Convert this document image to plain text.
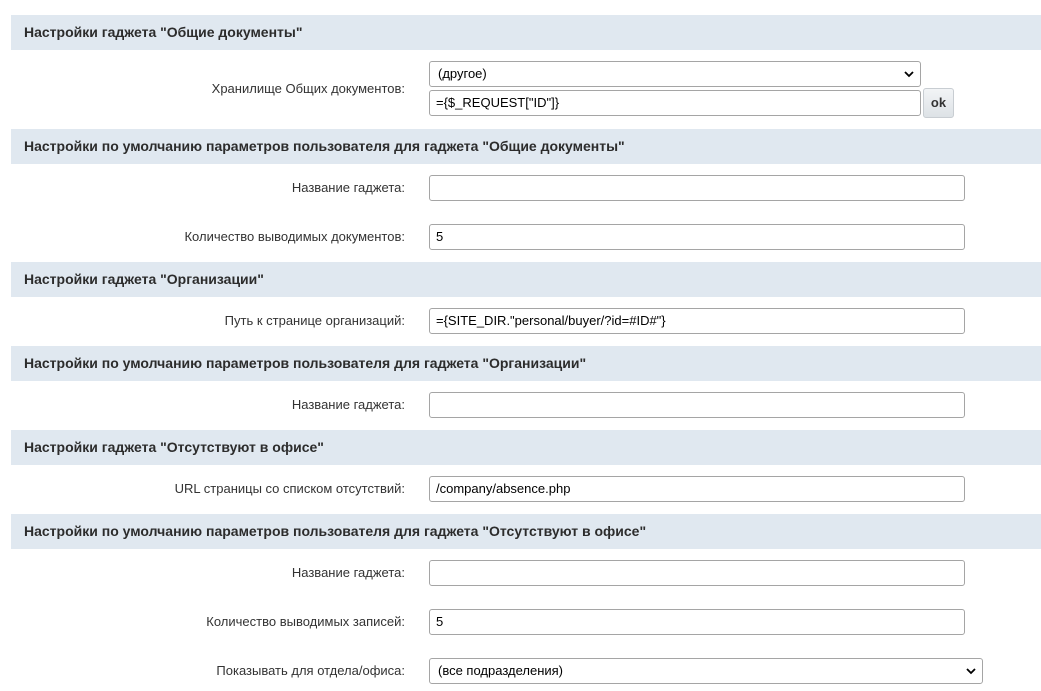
Настройки гаджета "Общие документы"
Хранилище Общих документов:
(другое)
={$_REQUEST["ID"]}	ok
Настройки по умолчанию параметров пользователя для гаджета "Общие документы"
Название гаджета:
Количество выводимых документов:	5
Настройки гаджета "Организации"
Путь к странице организаций:	={SITE_DIR."personal/buyer/?id=#ID#"}
Настройки по умолчанию параметров пользователя для гаджета "Организации"
Название гаджета:
Настройки гаджета "Отсутствуют в офисе"
URL страницы со списком отсутствий:	/company/absence.php
Настройки по умолчанию параметров пользователя для гаджета "Отсутствуют в офисе"
Название гаджета:
Количество выводимых записей:	5
Показывать для отдела/офиса:	(все подразделения)
